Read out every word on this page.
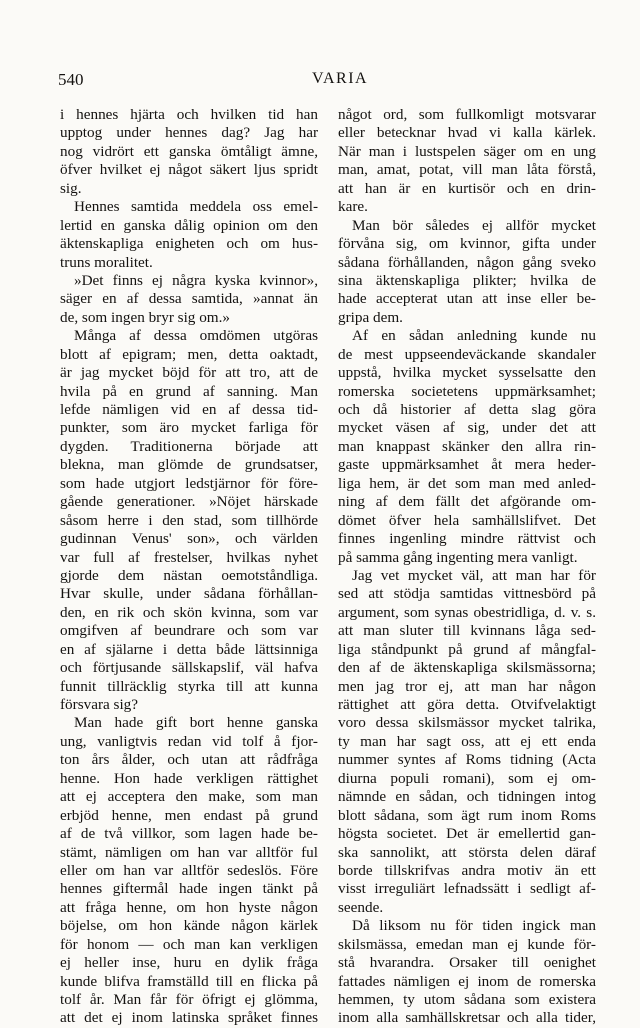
540	VARIA
i hennes hjärta och hvilken tid han
upptog under hennes dag? Jag har
nog vidrört ett ganska ömtåligt ämne,
öfver hvilket ej något säkert ljus spridt
sig.
Hennes samtida meddela oss emel-
lertid en ganska dålig opinion om den
äktenskapliga enigheten och om hus-
truns moralitet.
»Det finns ej några kyska kvinnor»,
säger en af dessa samtida, »annat än
de, som ingen bryr sig om.»
Många af dessa omdömen utgöras
blott af epigram; men, detta oaktadt,
är jag mycket böjd för att tro, att de
hvila på en grund af sanning. Man
lefde nämligen vid en af dessa tid-
punkter, som äro mycket farliga för
dygden. Traditionerna började att
blekna, man glömde de grundsatser,
som hade utgjort ledstjärnor för före-
gående generationer. »Nöjet härskade
såsom herre i den stad, som tillhörde
gudinnan Venus' son», och världen
var full af frestelser, hvilkas nyhet
gjorde dem nästan oemotståndliga.
Hvar skulle, under sådana förhållan-
den, en rik och skön kvinna, som var
omgifven af beundrare och som var
en af själarne i detta både lättsinniga
och förtjusande sällskapslif, väl hafva
funnit tillräcklig styrka till att kunna
försvara sig?
Man hade gift bort henne ganska
ung, vanligtvis redan vid tolf å fjor-
ton års ålder, och utan att rådfråga
henne. Hon hade verkligen rättighet
att ej acceptera den make, som man
erbjöd henne, men endast på grund
af de två villkor, som lagen hade be-
stämt, nämligen om han var alltför ful
eller om han var alltför sedeslös. Före
hennes giftermål hade ingen tänkt på
att fråga henne, om hon hyste någon
böjelse, om hon kände någon kärlek
för honom — och man kan verkligen
ej heller inse, huru en dylik fråga
kunde blifva framställd till en flicka på
tolf år. Man får för öfrigt ej glömma,
att det ej inom latinska språket finnes
något ord, som fullkomligt motsvarar
eller betecknar hvad vi kalla kärlek.
När man i lustspelen säger om en ung
man, amat, potat, vill man låta förstå,
att han är en kurtisör och en drin-
kare.
Man bör således ej allför mycket
förvåna sig, om kvinnor, gifta under
sådana förhållanden, någon gång sveko
sina äktenskapliga plikter; hvilka de
hade accepterat utan att inse eller be-
gripa dem.
Af en sådan anledning kunde nu
de mest uppseendeväckande skandaler
uppstå, hvilka mycket sysselsatte den
romerska societetens uppmärksamhet;
och då historier af detta slag göra
mycket väsen af sig, under det att
man knappast skänker den allra rin-
gaste uppmärksamhet åt mera heder-
liga hem, är det som man med anled-
ning af dem fällt det afgörande om-
dömet öfver hela samhällslifvet. Det
finnes ingenling mindre rättvist och
på samma gång ingenting mera vanligt.
Jag vet mycket väl, att man har för
sed att stödja samtidas vittnesbörd på
argument, som synas obestridliga, d. v. s.
att man sluter till kvinnans låga sed-
liga ståndpunkt på grund af mångfal-
den af de äktenskapliga skilsmässorna;
men jag tror ej, att man har någon
rättighet att göra detta. Otvifvelaktigt
voro dessa skilsmässor mycket talrika,
ty man har sagt oss, att ej ett enda
nummer syntes af Roms tidning (Acta
diurna populi romani), som ej om-
nämnde en sådan, och tidningen intog
blott sådana, som ägt rum inom Roms
högsta societet. Det är emellertid gan-
ska sannolikt, att största delen däraf
borde tillskrifvas andra motiv än ett
visst irreguliärt lefnadssätt i sedligt af-
seende.
Då liksom nu för tiden ingick man
skilsmässa, emedan man ej kunde för-
stå hvarandra. Orsaker till oenighet
fattades nämligen ej inom de romerska
hemmen, ty utom sådana som existera
inom alla samhällskretsar och alla tider,
